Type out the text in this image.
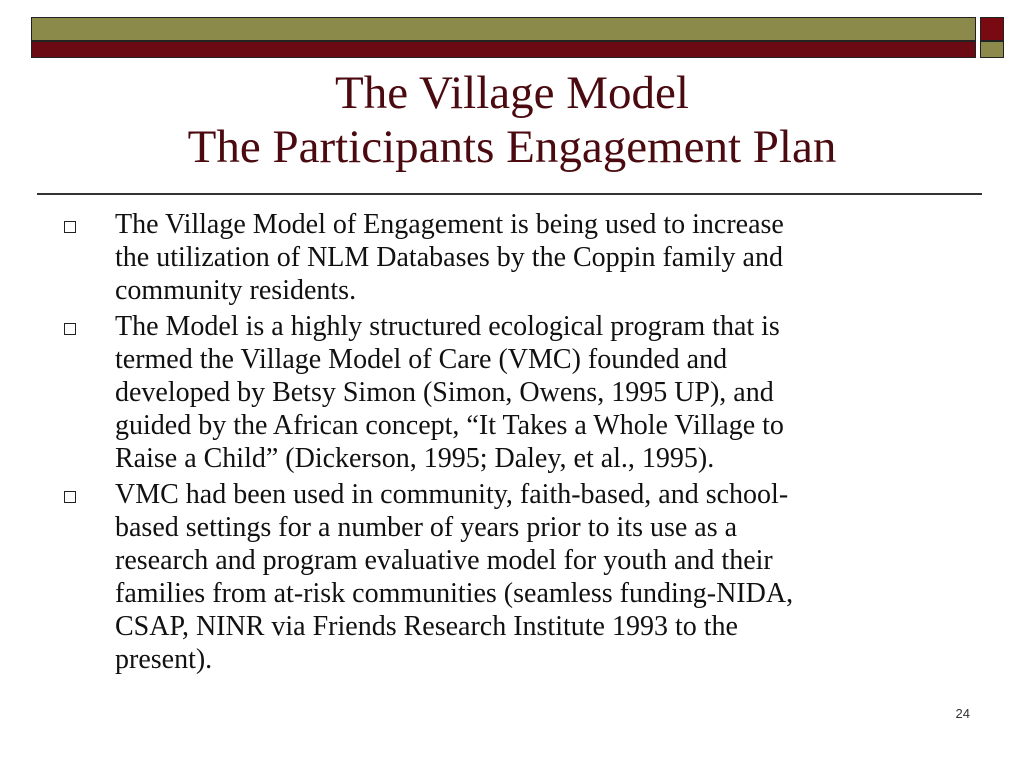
The Village Model
The Participants Engagement Plan
The Village Model of Engagement is being used to increase
the utilization of NLM Databases by the Coppin family and
community residents.
The Model is a highly structured ecological program that is
termed the Village Model of Care (VMC) founded and
developed by Betsy Simon (Simon, Owens, 1995 UP), and
guided by the African concept, “It Takes a Whole Village to
Raise a Child” (Dickerson, 1995; Daley, et al., 1995).
VMC had been used in community, faith-based, and school-
based settings for a number of years prior to its use as a
research and program evaluative model for youth and their
families from at-risk communities (seamless funding-NIDA,
CSAP, NINR via Friends Research Institute 1993 to the
present).
24
